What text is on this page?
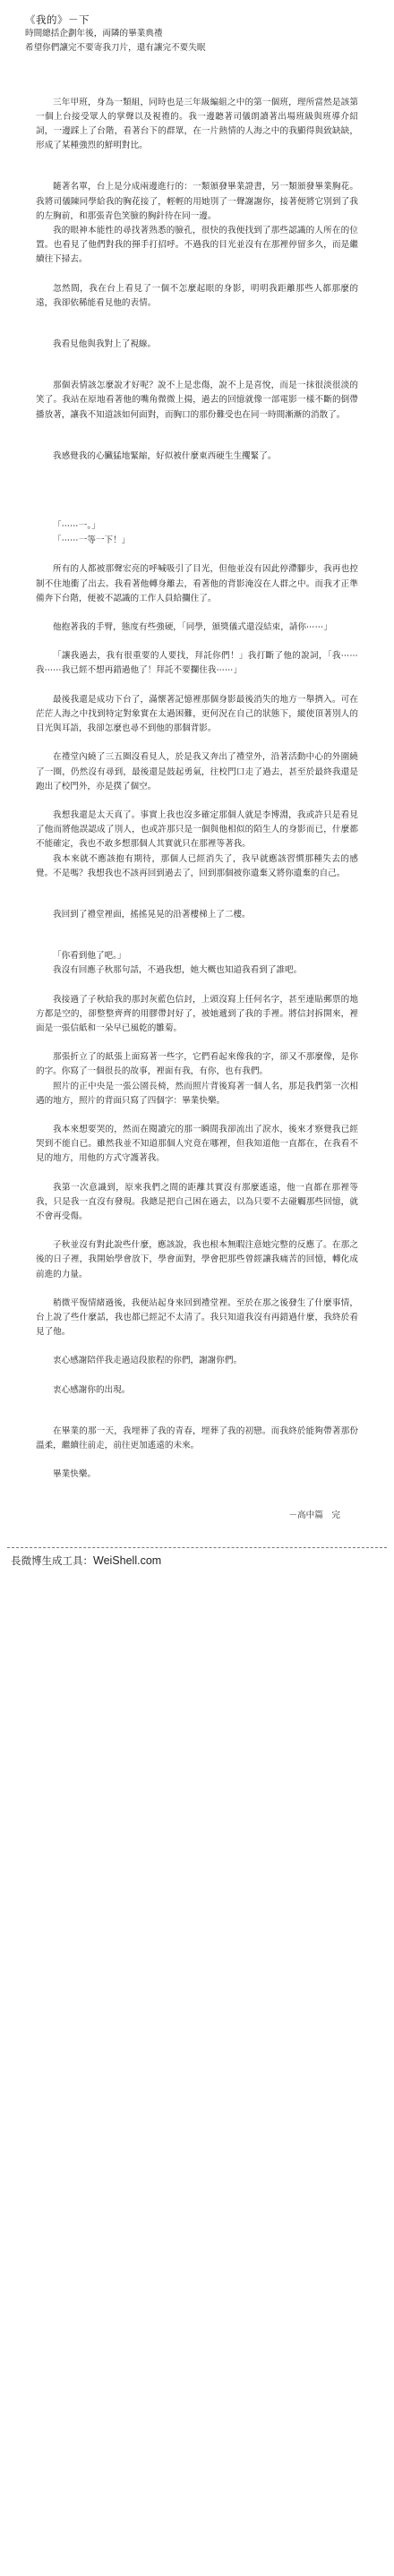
《我的》－下
時間總括企劃年後，両隣的畢業典禮
希望你們讓完不要寄我刀片，還有讓完不要失眠

三年甲班，身為一類組，同時也是三年級編組之中的第一個班，理所當然是該第一個上台接受眾人的掌聲以及視禮的。我一邊聽著司儀朗讀著出場班級與班導介紹詞，一邊踩上了台階，看著台下的群眾，在一片熱情的人海之中的我顯得與致缺缺，形成了某種強烈的鮮明對比。

隨著名單，台上是分成兩邊進行的：一類頒發畢業證書，另一類頒發畢業胸花。我將司儀陳同學給我的胸花接了，輕輕的用她別了一聲謝謝你，接著便將它別到了我的左胸前，和那張青色笑臉的胸針待在同一邊。

我的眼神本能性的尋找著熟悉的臉孔，很快的我便找到了那些認識的人所在的位置。也看見了他們對我的揮手打招呼。不過我的目光並沒有在那裡停留多久，而是繼續往下掃去。

忽然間，我在台上看見了一個不怎麼起眼的身影，明明我距離那些人都那麼的遠，我卻依稀能看見他的表情。

我看見他與我對上了視線。

那個表情該怎麼說才好呢？說不上是悲傷，說不上是喜悅，而是一抹很淡很淡的笑了。我站在原地看著他的嘴角微微上揚，過去的回憶就像一部電影一樣不斷的倒帶播放著，讓我不知道該如何面對，而胸口的那份難受也在同一時間漸漸的消散了。

我感覺我的心臟猛地緊縮，好似被什麼東西硬生生攫緊了。

「⋯⋯一。」

「⋯⋯一等一下！」

所有的人都被那聲宏亮的呼喊吸引了目光，但他並沒有因此停滯腳步，我再也控制不住地衝了出去。我看著他轉身離去，看著他的背影淹沒在人群之中。而我才正準備奔下台階，便被不認識的工作人員給攔住了。

他抱著我的手臂，態度有些強硬，「同學，頒獎儀式還沒結束，請你⋯⋯」

「讓我過去，我有很重要的人要找，拜託你們！」我打斷了他的說詞，「我⋯⋯我⋯⋯我已經不想再錯過他了！拜託不要攔住我⋯⋯」

最後我還是成功下台了，滿懷著記憶裡那個身影最後消失的地方一舉擠入。可在茫茫人海之中找到特定對象實在太過困難，更何況在自己的狀態下，縱使頂著別人的目光與耳語，我卻怎麼也尋不到他的那個背影。

在禮堂內繞了三五圈沒看見人，於是我又奔出了禮堂外，沿著活動中心的外圍繞了一圈，仍然沒有尋到，最後還是鼓起勇氣，往校門口走了過去，甚至於最終我還是跑出了校門外，亦是撲了個空。

我想我還是太天真了。事實上我也沒多確定那個人就是李博淵，我或許只是看見了他而將他誤認成了別人，也或許那只是一個與他相似的陌生人的身影而已，什麼都不能確定，我也不敢多想那個人其實就只在那裡等著我。

我本來就不應該抱有期待，那個人已經消失了，我早就應該習慣那種失去的感覺。不是嗎？我想我也不該再回到過去了，回到那個被你遺棄又將你遺棄的自己。

我回到了禮堂裡面，搖搖晃晃的沿著樓梯上了二樓。

「你看到他了吧。」

我沒有回應子秋那句話，不過我想，她大概也知道我看到了誰吧。

我接過了子秋給我的那封灰藍色信封，上頭沒寫上任何名字，甚至連貼郵票的地方都是空的，卻整整齊齊的用膠帶封好了，被她遞到了我的手裡。將信封拆開來，裡面是一張信紙和一朵早已風乾的雛菊。

那張折立了的紙張上面寫著一些字，它們看起來像我的字，卻又不那麼像，是你的字。你寫了一個很長的故事，裡面有我，有你，也有我們。

照片的正中央是一張公園長椅，然而照片背後寫著一個人名，那是我們第一次相遇的地方，照片的背面只寫了四個字：畢業快樂。

我本來想要哭的，然而在閱讀完的那一瞬間我卻流出了淚水，後來才察覺我已經哭到不能自已。雖然我並不知道那個人究竟在哪裡，但我知道他一直都在，在我看不見的地方，用他的方式守護著我。

我第一次意識到，原來我們之間的距離其實沒有那麼遙遠，他一直都在那裡等我，只是我一直沒有發現。我總是把自己困在過去，以為只要不去碰觸那些回憶，就不會再受傷。

子秋並沒有對此說些什麼，應該說，我也根本無暇注意她完整的反應了。在那之後的日子裡，我開始學會放下，學會面對，學會把那些曾經讓我痛苦的回憶，轉化成前進的力量。

稍微平復情緒過後，我便站起身來回到禮堂裡。至於在那之後發生了什麼事情，台上說了些什麼話，我也都已經記不太清了。我只知道我沒有再錯過什麼，我終於看見了他。

衷心感謝陪伴我走過這段旅程的你們，謝謝你們。

衷心感謝你的出現。

在畢業的那一天，我埋葬了我的青春，埋葬了我的初戀。而我終於能夠帶著那份溫柔，繼續往前走，前往更加遙遠的未來。

畢業快樂。

－高中篇　完
長微博生成工具：WeiShell.com
